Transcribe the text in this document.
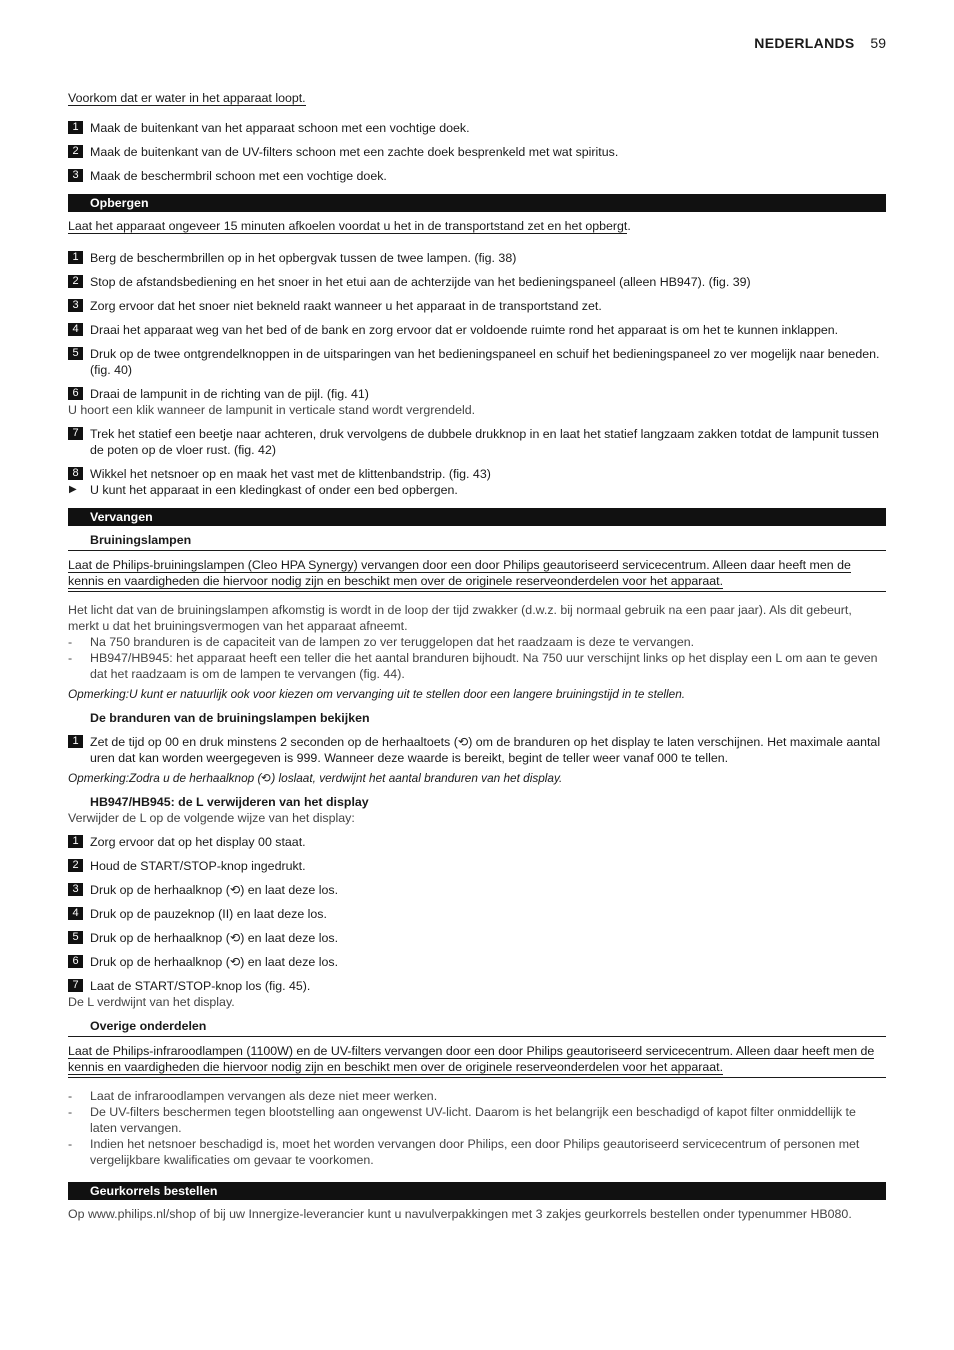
NEDERLANDS 59
Voorkom dat er water in het apparaat loopt.
1 Maak de buitenkant van het apparaat schoon met een vochtige doek.
2 Maak de buitenkant van de UV-filters schoon met een zachte doek besprenkeld met wat spiritus.
3 Maak de beschermbril schoon met een vochtige doek.
Opbergen
Laat het apparaat ongeveer 15 minuten afkoelen voordat u het in de transportstand zet en het opbergt.
1 Berg de beschermbrillen op in het opbergvak tussen de twee lampen. (fig. 38)
2 Stop de afstandsbediening en het snoer in het etui aan de achterzijde van het bedieningspaneel (alleen HB947). (fig. 39)
3 Zorg ervoor dat het snoer niet bekneld raakt wanneer u het apparaat in de transportstand zet.
4 Draai het apparaat weg van het bed of de bank en zorg ervoor dat er voldoende ruimte rond het apparaat is om het te kunnen inklappen.
5 Druk op de twee ontgrendelknoppen in de uitsparingen van het bedieningspaneel en schuif het bedieningspaneel zo ver mogelijk naar beneden. (fig. 40)
6 Draai de lampunit in de richting van de pijl. (fig. 41)
U hoort een klik wanneer de lampunit in verticale stand wordt vergrendeld.
7 Trek het statief een beetje naar achteren, druk vervolgens de dubbele drukknop in en laat het statief langzaam zakken totdat de lampunit tussen de poten op de vloer rust. (fig. 42)
8 Wikkel het netsnoer op en maak het vast met de klittenbandstrip. (fig. 43)
▶ U kunt het apparaat in een kledingkast of onder een bed opbergen.
Vervangen
Bruiningslampen
Laat de Philips-bruiningslampen (Cleo HPA Synergy) vervangen door een door Philips geautoriseerd servicecentrum. Alleen daar heeft men de kennis en vaardigheden die hiervoor nodig zijn en beschikt men over de originele reserveonderdelen voor het apparaat.
Het licht dat van de bruiningslampen afkomstig is wordt in de loop der tijd zwakker (d.w.z. bij normaal gebruik na een paar jaar). Als dit gebeurt, merkt u dat het bruiningsvermogen van het apparaat afneemt.
- Na 750 branduren is de capaciteit van de lampen zo ver teruggelopen dat het raadzaam is deze te vervangen.
- HB947/HB945: het apparaat heeft een teller die het aantal branduren bijhoudt. Na 750 uur verschijnt links op het display een L om aan te geven dat het raadzaam is om de lampen te vervangen (fig. 44).
Opmerking:U kunt er natuurlijk ook voor kiezen om vervanging uit te stellen door een langere bruiningstijd in te stellen.
De branduren van de bruiningslampen bekijken
1 Zet de tijd op 00 en druk minstens 2 seconden op de herhaaltoets (⟲) om de branduren op het display te laten verschijnen. Het maximale aantal uren dat kan worden weergegeven is 999. Wanneer deze waarde is bereikt, begint de teller weer vanaf 000 te tellen.
Opmerking:Zodra u de herhaalknop (⟲) loslaat, verdwijnt het aantal branduren van het display.
HB947/HB945: de L verwijderen van het display
Verwijder de L op de volgende wijze van het display:
1 Zorg ervoor dat op het display 00 staat.
2 Houd de START/STOP-knop ingedrukt.
3 Druk op de herhaalknop (⟲) en laat deze los.
4 Druk op de pauzeknop (II) en laat deze los.
5 Druk op de herhaalknop (⟲) en laat deze los.
6 Druk op de herhaalknop (⟲) en laat deze los.
7 Laat de START/STOP-knop los (fig. 45).
De L verdwijnt van het display.
Overige onderdelen
Laat de Philips-infraroodlampen (1100W) en de UV-filters vervangen door een door Philips geautoriseerd servicecentrum. Alleen daar heeft men de kennis en vaardigheden die hiervoor nodig zijn en beschikt men over de originele reserveonderdelen voor het apparaat.
- Laat de infraroodlampen vervangen als deze niet meer werken.
- De UV-filters beschermen tegen blootstelling aan ongewenst UV-licht. Daarom is het belangrijk een beschadigd of kapot filter onmiddellijk te laten vervangen.
- Indien het netsnoer beschadigd is, moet het worden vervangen door Philips, een door Philips geautoriseerd servicecentrum of personen met vergelijkbare kwalificaties om gevaar te voorkomen.
Geurkorrels bestellen
Op www.philips.nl/shop of bij uw Innergize-leverancier kunt u navulverpakkingen met 3 zakjes geurkorrels bestellen onder typenummer HB080.
